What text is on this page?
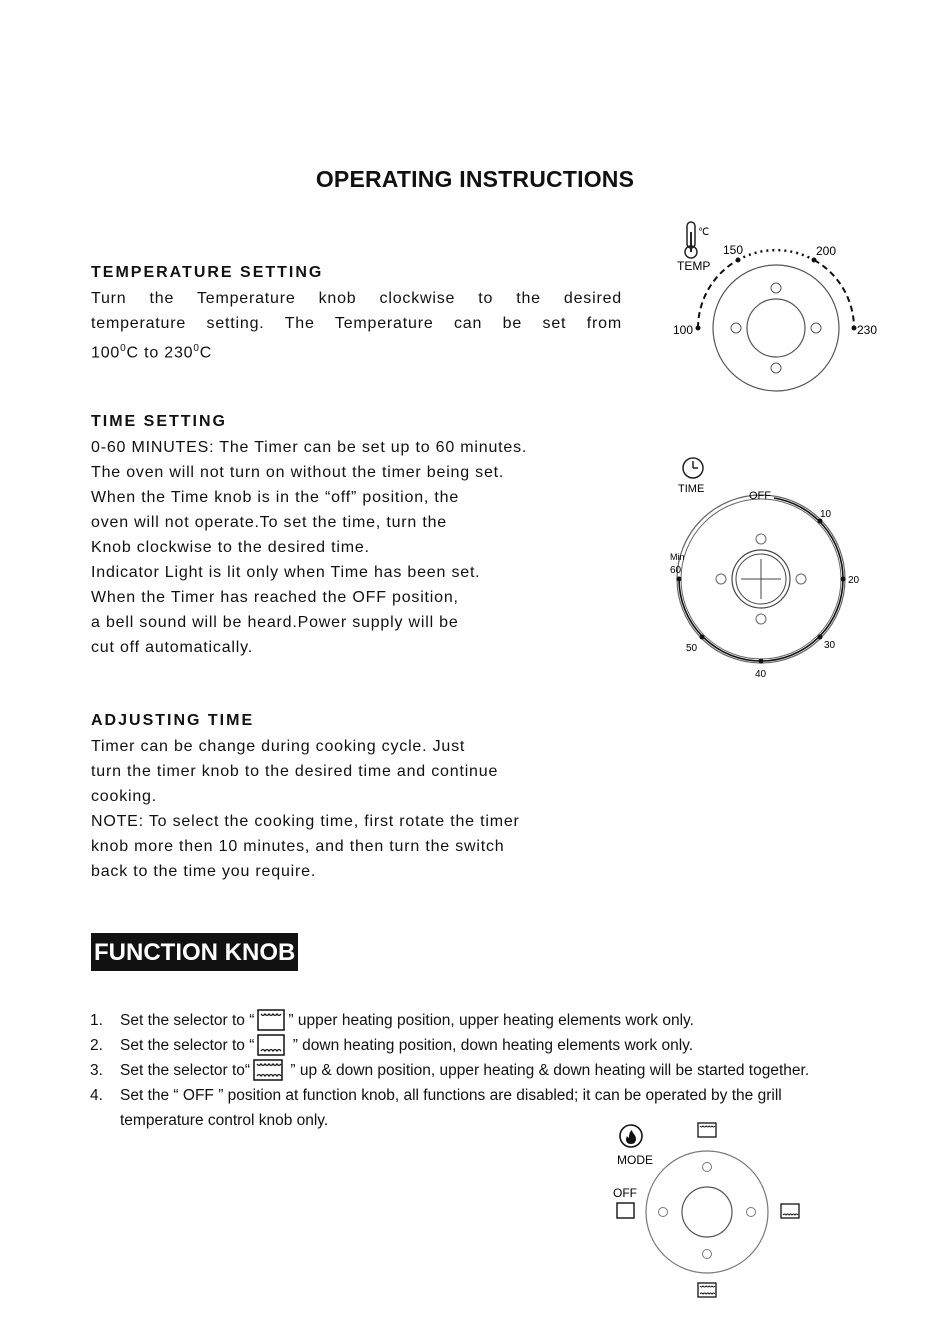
OPERATING INSTRUCTIONS
TEMPERATURE SETTING
Turn the Temperature knob clockwise to the desired
temperature setting. The Temperature can be set from
$100^0C$ to $230^0C$
℃
TEMP
100
150	200
230
TIME SETTING
0-60 MINUTES: The Timer can be set up to 60 minutes.
The oven will not turn on without the timer being set.
When the Time knob is in the “off” position, the
oven will not operate.To set the time, turn the
Knob clockwise to the desired time.
Indicator Light is lit only when Time has been set.
When the Timer has reached the OFF position,
a bell sound will be heard.Power supply will be
cut off automatically.
TIME
OFF
Min
60
10
20
30
40
50
ADJUSTING TIME
Timer can be change during cooking cycle. Just
turn the timer knob to the desired time and continue
cooking.
NOTE: To select the cooking time, first rotate the timer
knob more then 10 minutes, and then turn the switch
back to the time you require.
FUNCTION KNOB
1. Set the selector to “ ” upper heating position, upper heating elements work only.
2. Set the selector to “ ” down heating position, down heating elements work only.
3. Set the selector to“ ” up & down position, upper heating & down heating will be started together.
4. Set the “ OFF ” position at function knob, all functions are disabled; it can be operated by the grill
temperature control knob only.
MODE
OFF
